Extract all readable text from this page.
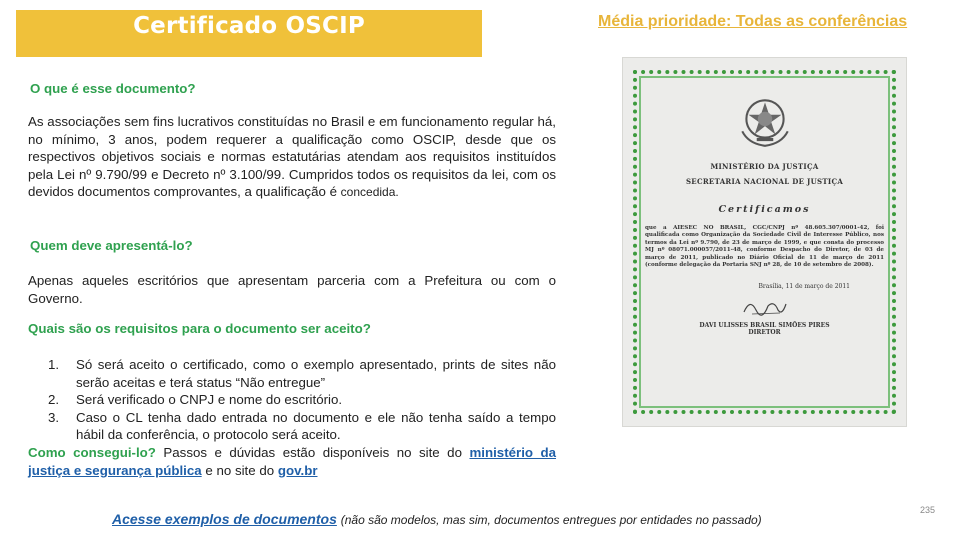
Certificado OSCIP	Média prioridade: Todas as conferências
O que é esse documento?
As associações sem fins lucrativos constituídas no Brasil e em funcionamento regular há, no mínimo, 3 anos, podem requerer a qualificação como OSCIP, desde que os respectivos objetivos sociais e normas estatutárias atendam aos requisitos instituídos pela Lei nº 9.790/99 e Decreto nº 3.100/99. Cumpridos todos os requisitos da lei, com os devidos documentos comprovantes, a qualificação é concedida.
Quem deve apresentá-lo?
Apenas aqueles escritórios que apresentam parceria com a Prefeitura ou com o Governo.
Quais são os requisitos para o documento ser aceito?
1.	Só será aceito o certificado, como o exemplo apresentado, prints de sites não serão aceitas e terá status “Não entregue”
2.	Será verificado o CNPJ e nome do escritório.
3.	Caso o CL tenha dado entrada no documento e ele não tenha saído a tempo hábil da conferência, o protocolo será aceito.
Como consegui-lo? Passos e dúvidas estão disponíveis no site do ministério da justiça e segurança pública e no site do gov.br
MINISTÉRIO DA JUSTIÇA
SECRETARIA NACIONAL DE JUSTIÇA
Certificamos
que a AIESEC NO BRASIL, CGC/CNPJ nº 48.605.307/0001-42, foi qualificada como Organização da Sociedade Civil de Interesse Público, nos termos da Lei nº 9.790, de 23 de março de 1999, e que consta do processo MJ nº 08071.000057/2011-48, conforme Despacho do Diretor, de 03 de março de 2011, publicado no Diário Oficial de 11 de março de 2011 (conforme delegação da Portaria SNJ nº 28, de 10 de setembro de 2008).
Brasília, 11 de março de 2011
DAVI ULISSES BRASIL SIMÕES PIRES
DIRETOR
235
Acesse exemplos de documentos (não são modelos, mas sim, documentos entregues por entidades no passado)
